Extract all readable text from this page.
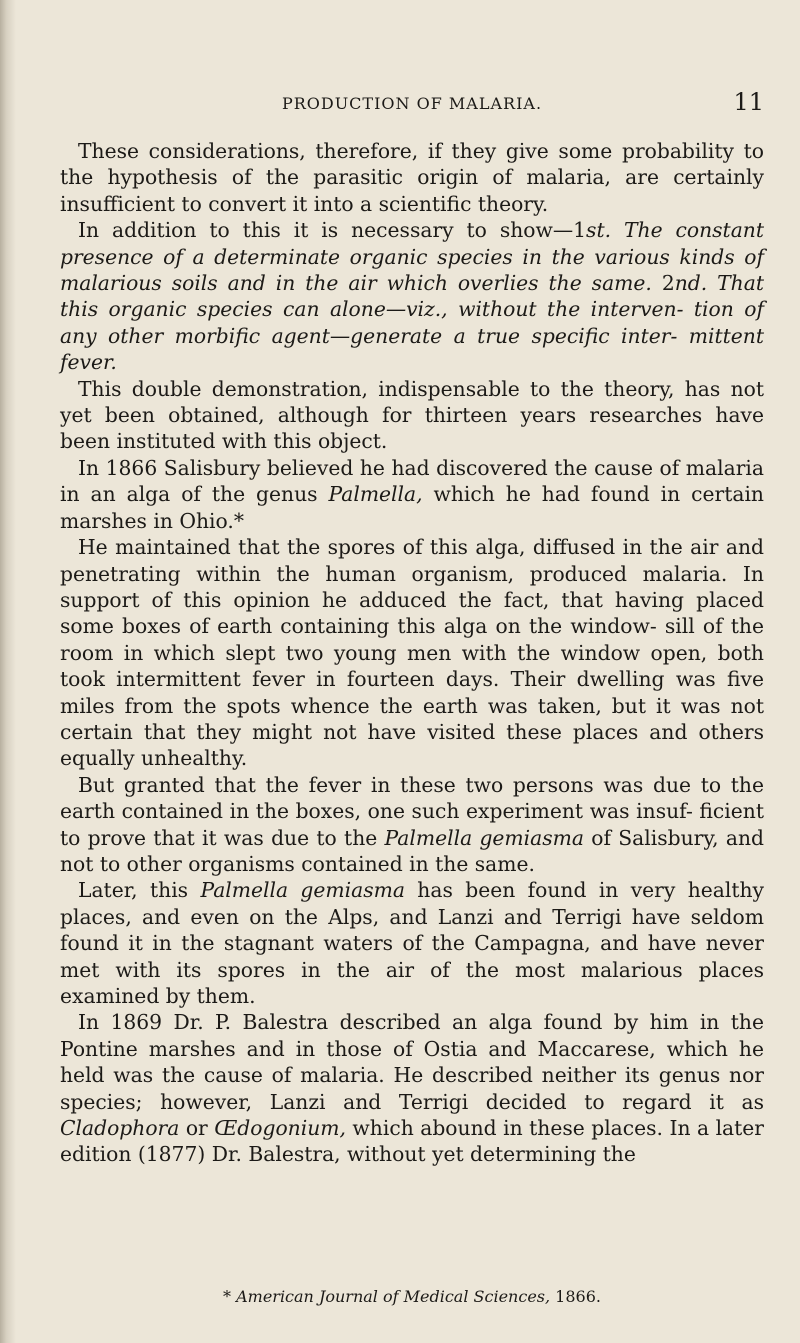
PRODUCTION OF MALARIA.	11

These considerations, therefore, if they give some probability to the hypothesis of the parasitic origin of malaria, are certainly insufficient to convert it into a scientific theory.

In addition to this it is necessary to show—1st. The constant presence of a determinate organic species in the various kinds of malarious soils and in the air which overlies the same. 2nd. That this organic species can alone—viz., without the interven- tion of any other morbific agent—generate a true specific inter- mittent fever.

This double demonstration, indispensable to the theory, has not yet been obtained, although for thirteen years researches have been instituted with this object.

In 1866 Salisbury believed he had discovered the cause of malaria in an alga of the genus Palmella, which he had found in certain marshes in Ohio.*

He maintained that the spores of this alga, diffused in the air and penetrating within the human organism, produced malaria. In support of this opinion he adduced the fact, that having placed some boxes of earth containing this alga on the window- sill of the room in which slept two young men with the window open, both took intermittent fever in fourteen days. Their dwelling was five miles from the spots whence the earth was taken, but it was not certain that they might not have visited these places and others equally unhealthy.

But granted that the fever in these two persons was due to the earth contained in the boxes, one such experiment was insuf- ficient to prove that it was due to the Palmella gemiasma of Salisbury, and not to other organisms contained in the same.

Later, this Palmella gemiasma has been found in very healthy places, and even on the Alps, and Lanzi and Terrigi have seldom found it in the stagnant waters of the Campagna, and have never met with its spores in the air of the most malarious places examined by them.

In 1869 Dr. P. Balestra described an alga found by him in the Pontine marshes and in those of Ostia and Maccarese, which he held was the cause of malaria. He described neither its genus nor species; however, Lanzi and Terrigi decided to regard it as Cladophora or Œdogonium, which abound in these places. In a later edition (1877) Dr. Balestra, without yet determining the

* American Journal of Medical Sciences, 1866.
